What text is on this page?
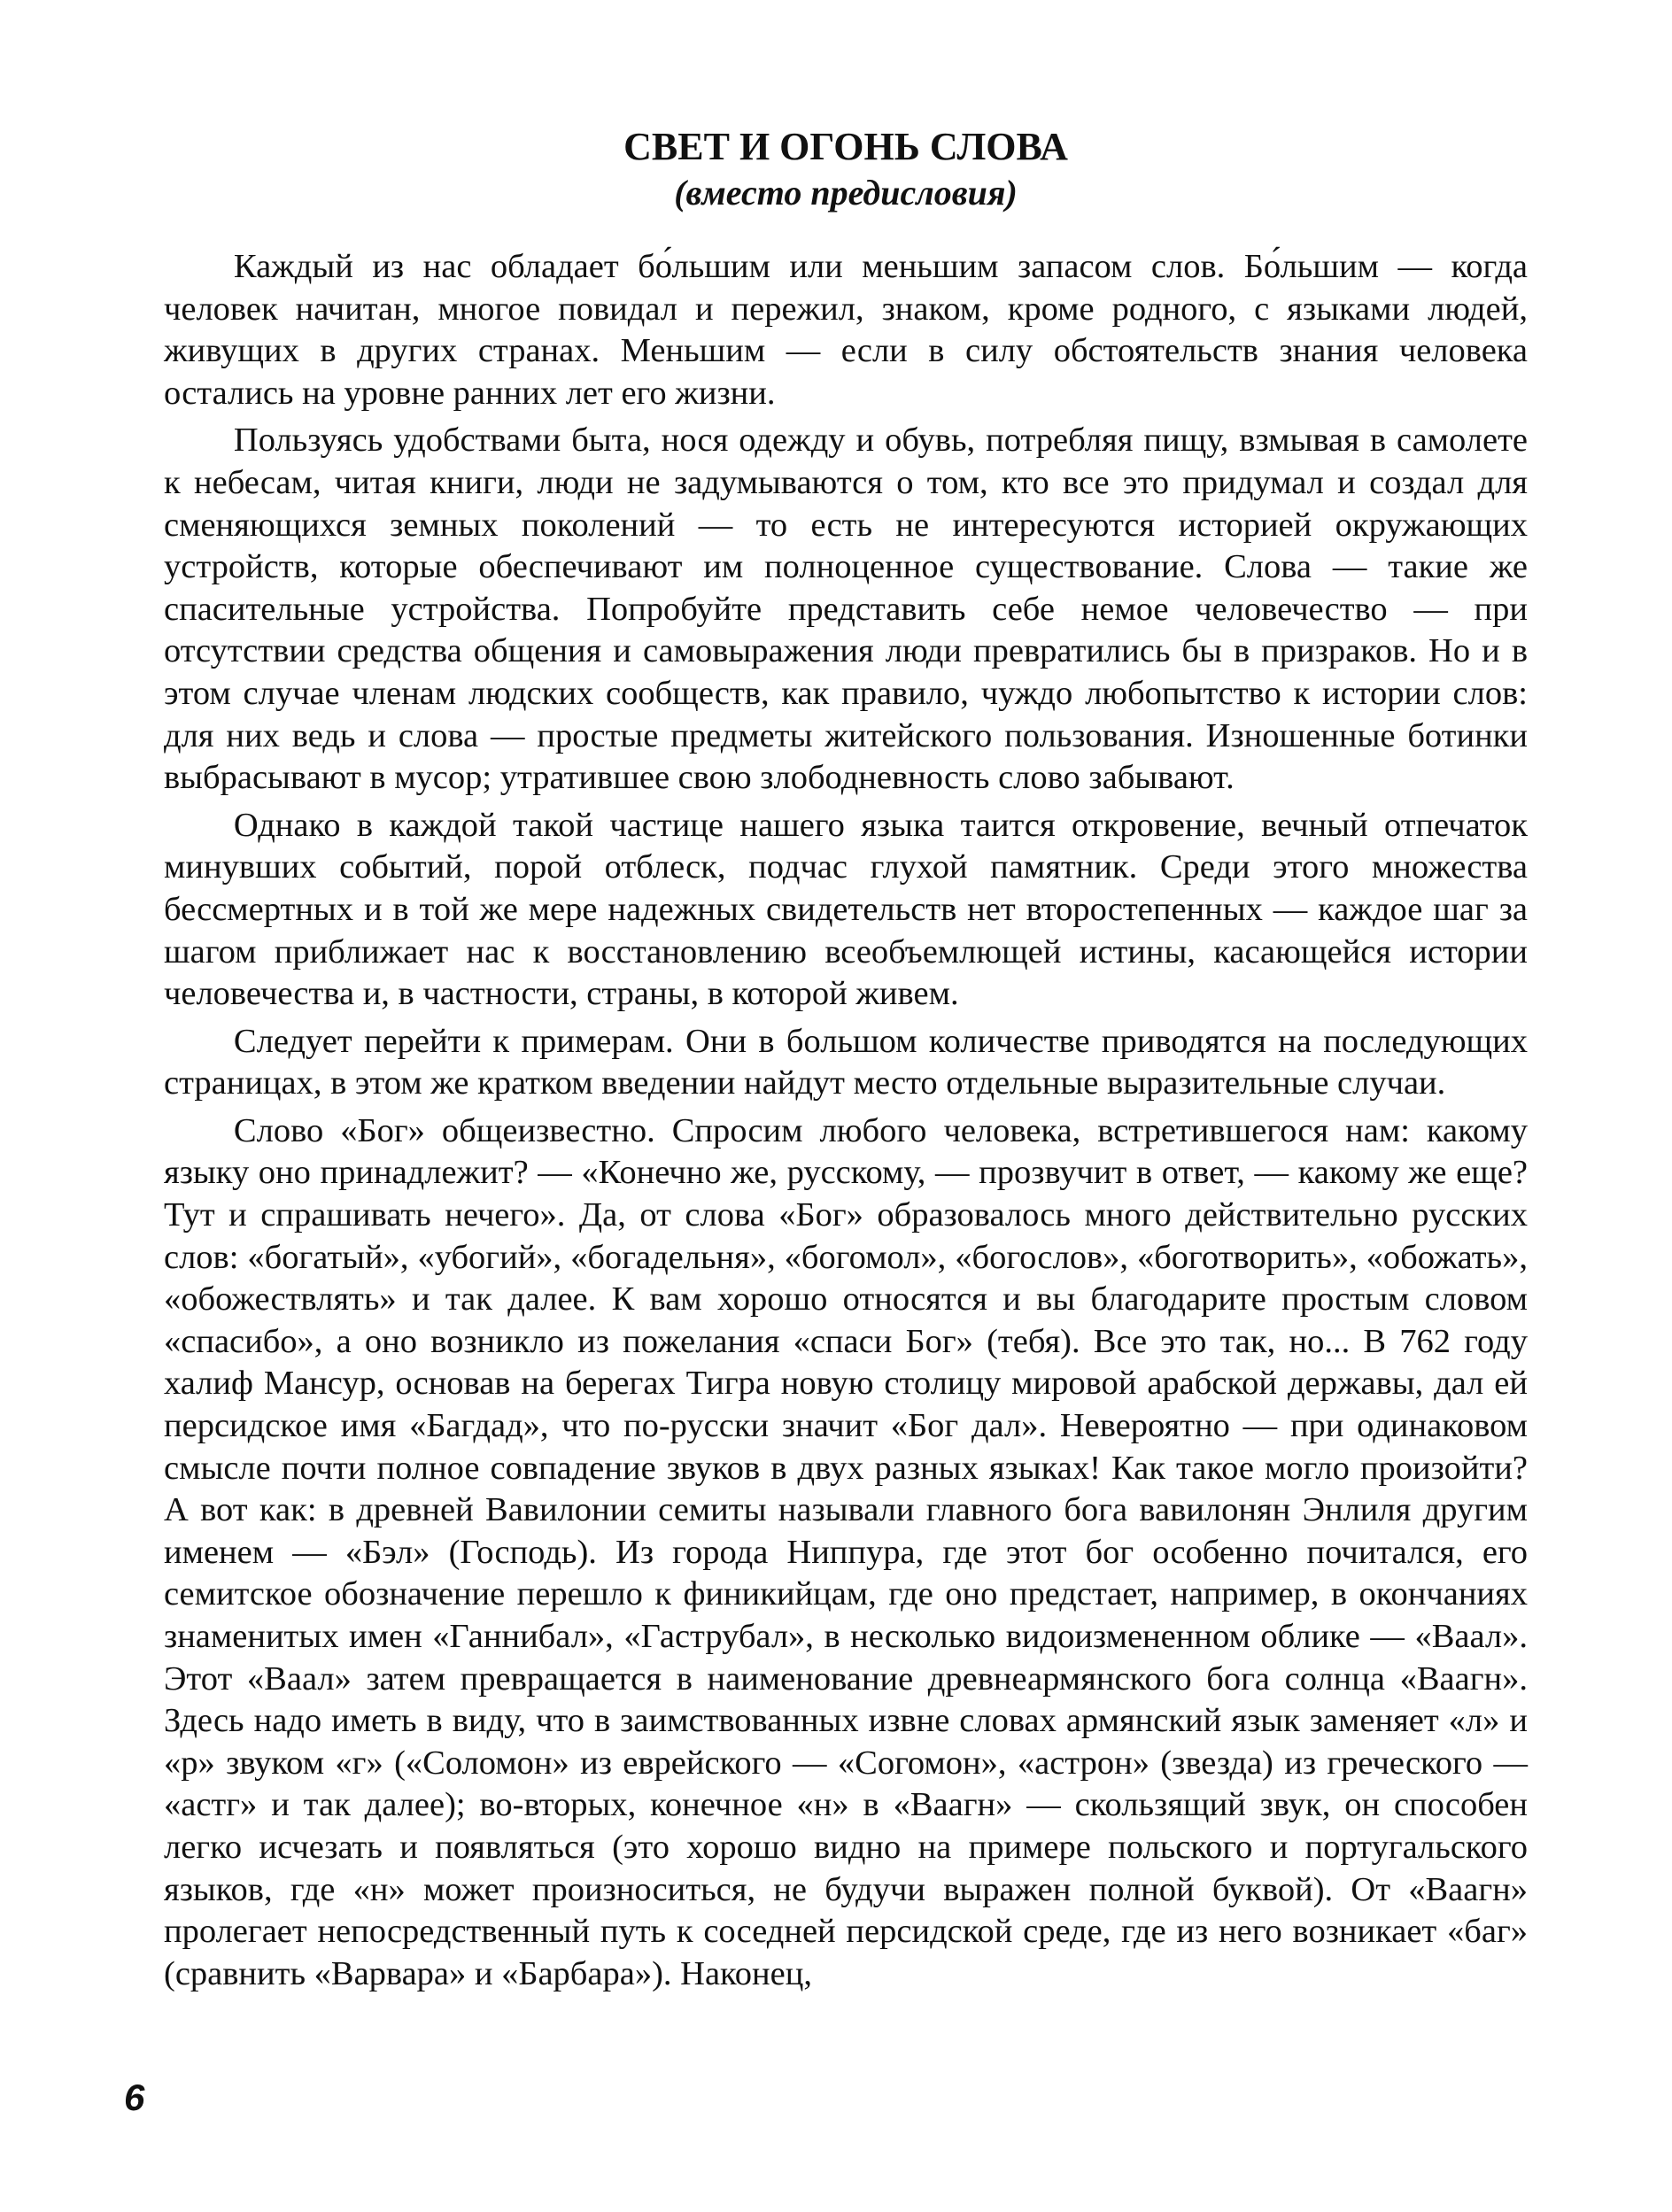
СВЕТ И ОГОНЬ СЛОВА
(вместо предисловия)

Каждый из нас обладает бо́льшим или меньшим запасом слов. Бо́льшим — когда человек начитан, многое повидал и пережил, знаком, кроме родного, с языками людей, живущих в других странах. Меньшим — если в силу обстоятельств знания человека остались на уровне ранних лет его жизни.

Пользуясь удобствами быта, нося одежду и обувь, потребляя пищу, взмывая в самолете к небесам, читая книги, люди не задумываются о том, кто все это придумал и создал для сменяющихся земных поколений — то есть не интересуются историей окружающих устройств, которые обеспечивают им полноценное существование. Слова — такие же спасительные устройства. Попробуйте представить себе немое человечество — при отсутствии средства общения и самовыражения люди превратились бы в призраков. Но и в этом случае членам людских сообществ, как правило, чуждо любопытство к истории слов: для них ведь и слова — простые предметы житейского пользования. Изношенные ботинки выбрасывают в мусор; утратившее свою злободневность слово забывают.

Однако в каждой такой частице нашего языка таится откровение, вечный отпечаток минувших событий, порой отблеск, подчас глухой памятник. Среди этого множества бессмертных и в той же мере надежных свидетельств нет второстепенных — каждое шаг за шагом приближает нас к восстановлению всеобъемлющей истины, касающейся истории человечества и, в частности, страны, в которой живем.

Следует перейти к примерам. Они в большом количестве приводятся на последующих страницах, в этом же кратком введении найдут место отдельные выразительные случаи.

Слово «Бог» общеизвестно. Спросим любого человека, встретившегося нам: какому языку оно принадлежит? — «Конечно же, русскому, — прозвучит в ответ, — какому же еще? Тут и спрашивать нечего». Да, от слова «Бог» образовалось много действительно русских слов: «богатый», «убогий», «богадельня», «богомол», «богослов», «боготворить», «обожать», «обожествлять» и так далее. К вам хорошо относятся и вы благодарите простым словом «спасибо», а оно возникло из пожелания «спаси Бог» (тебя). Все это так, но... В 762 году халиф Мансур, основав на берегах Тигра новую столицу мировой арабской державы, дал ей персидское имя «Багдад», что по-русски значит «Бог дал». Невероятно — при одинаковом смысле почти полное совпадение звуков в двух разных языках! Как такое могло произойти? А вот как: в древней Вавилонии семиты называли главного бога вавилонян Энлиля другим именем — «Бэл» (Господь). Из города Ниппура, где этот бог особенно почитался, его семитское обозначение перешло к финикийцам, где оно предстает, например, в окончаниях знаменитых имен «Ганнибал», «Гаструбал», в несколько видоизмененном облике — «Ваал». Этот «Ваал» затем превращается в наименование древнеармянского бога солнца «Ваагн». Здесь надо иметь в виду, что в заимствованных извне словах армянский язык заменяет «л» и «р» звуком «г» («Соломон» из еврейского — «Согомон», «астрон» (звезда) из греческого — «астг» и так далее); во-вторых, конечное «н» в «Ваагн» — скользящий звук, он способен легко исчезать и появляться (это хорошо видно на примере польского и португальского языков, где «н» может произноситься, не будучи выражен полной буквой). От «Ваагн» пролегает непосредственный путь к соседней персидской среде, где из него возникает «баг» (сравнить «Варвара» и «Барбара»). Наконец,

6
